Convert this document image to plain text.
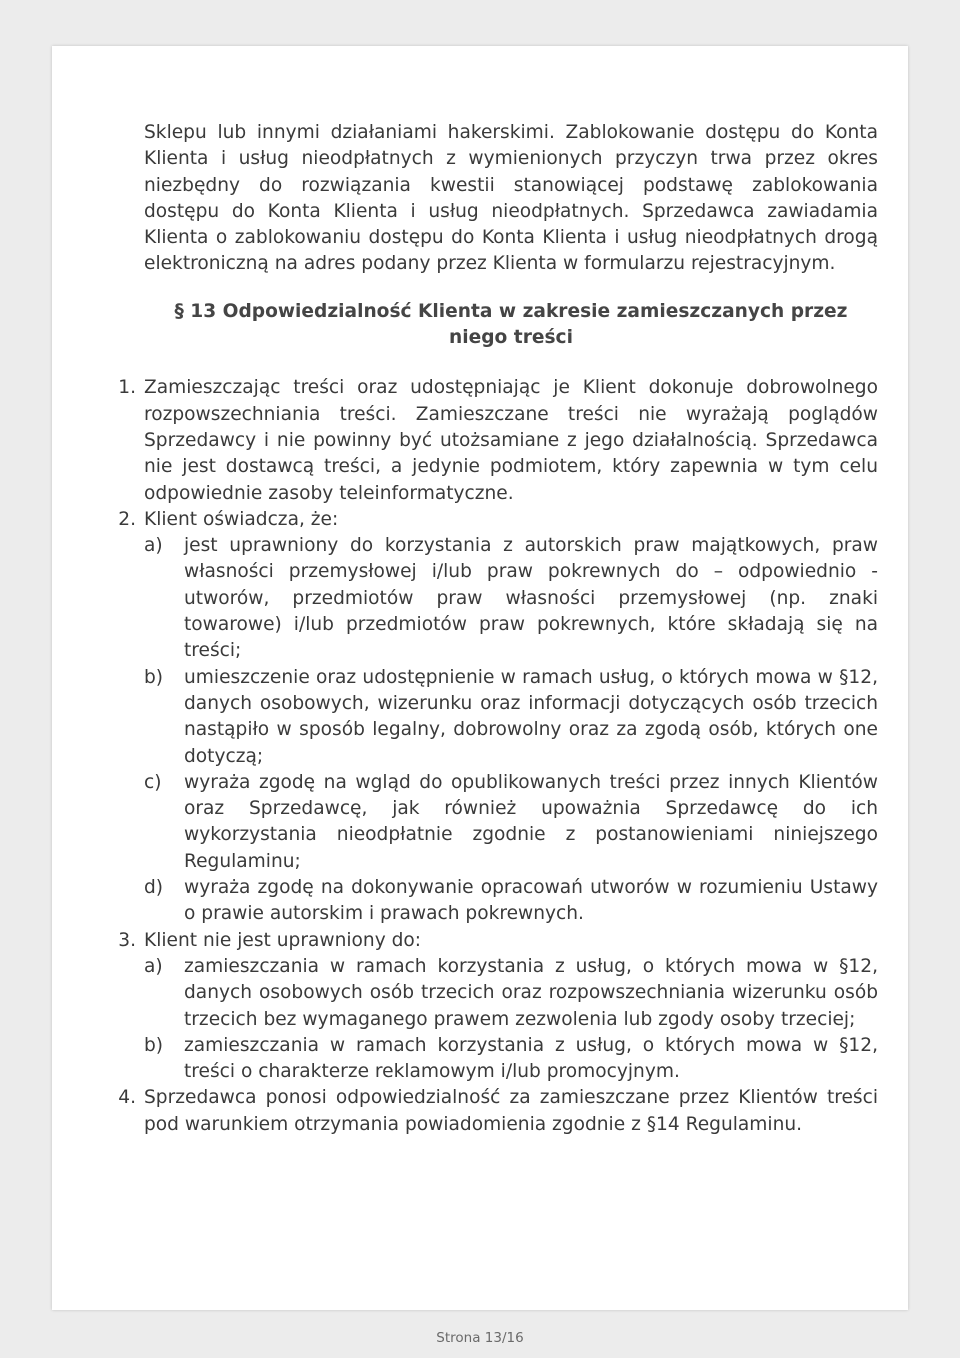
Sklepu lub innymi działaniami hakerskimi. Zablokowanie dostępu do Konta Klienta i usług nieodpłatnych z wymienionych przyczyn trwa przez okres niezbędny do rozwiązania kwestii stanowiącej podstawę zablokowania dostępu do Konta Klienta i usług nieodpłatnych. Sprzedawca zawiadamia Klienta o zablokowaniu dostępu do Konta Klienta i usług nieodpłatnych drogą elektroniczną na adres podany przez Klienta w formularzu rejestracyjnym.

§ 13 Odpowiedzialność Klienta w zakresie zamieszczanych przez niego treści
1. Zamieszczając treści oraz udostępniając je Klient dokonuje dobrowolnego rozpowszechniania treści. Zamieszczane treści nie wyrażają poglądów Sprzedawcy i nie powinny być utożsamiane z jego działalnością. Sprzedawca nie jest dostawcą treści, a jedynie podmiotem, który zapewnia w tym celu odpowiednie zasoby teleinformatyczne.
2. Klient oświadcza, że:
a) jest uprawniony do korzystania z autorskich praw majątkowych, praw własności przemysłowej i/lub praw pokrewnych do – odpowiednio - utworów, przedmiotów praw własności przemysłowej (np. znaki towarowe) i/lub przedmiotów praw pokrewnych, które składają się na treści;
b) umieszczenie oraz udostępnienie w ramach usług, o których mowa w §12, danych osobowych, wizerunku oraz informacji dotyczących osób trzecich nastąpiło w sposób legalny, dobrowolny oraz za zgodą osób, których one dotyczą;
c) wyraża zgodę na wgląd do opublikowanych treści przez innych Klientów oraz Sprzedawcę, jak również upoważnia Sprzedawcę do ich wykorzystania nieodpłatnie zgodnie z postanowieniami niniejszego Regulaminu;
d) wyraża zgodę na dokonywanie opracowań utworów w rozumieniu Ustawy o prawie autorskim i prawach pokrewnych.
3. Klient nie jest uprawniony do:
a) zamieszczania w ramach korzystania z usług, o których mowa w §12, danych osobowych osób trzecich oraz rozpowszechniania wizerunku osób trzecich bez wymaganego prawem zezwolenia lub zgody osoby trzeciej;
b) zamieszczania w ramach korzystania z usług, o których mowa w §12, treści o charakterze reklamowym i/lub promocyjnym.
4. Sprzedawca ponosi odpowiedzialność za zamieszczane przez Klientów treści pod warunkiem otrzymania powiadomienia zgodnie z §14 Regulaminu.
Strona 13/16
